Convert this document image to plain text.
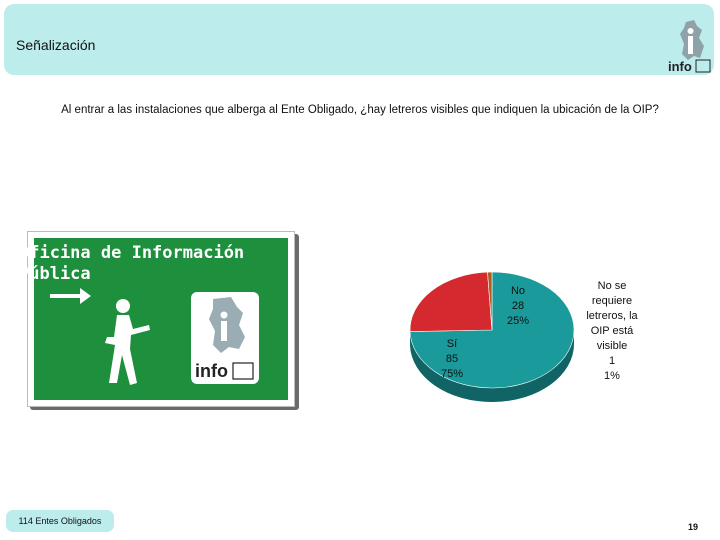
Señalización
info
Al entrar a las instalaciones que alberga al Ente Obligado, ¿hay letreros visibles que indiquen la ubicación de la OIP?
Oficina de Información
Pública
info
Sí
85
75%
No
28
25%
No se
requiere
letreros, la
OIP está
visible
1
1%
114 Entes Obligados
19
